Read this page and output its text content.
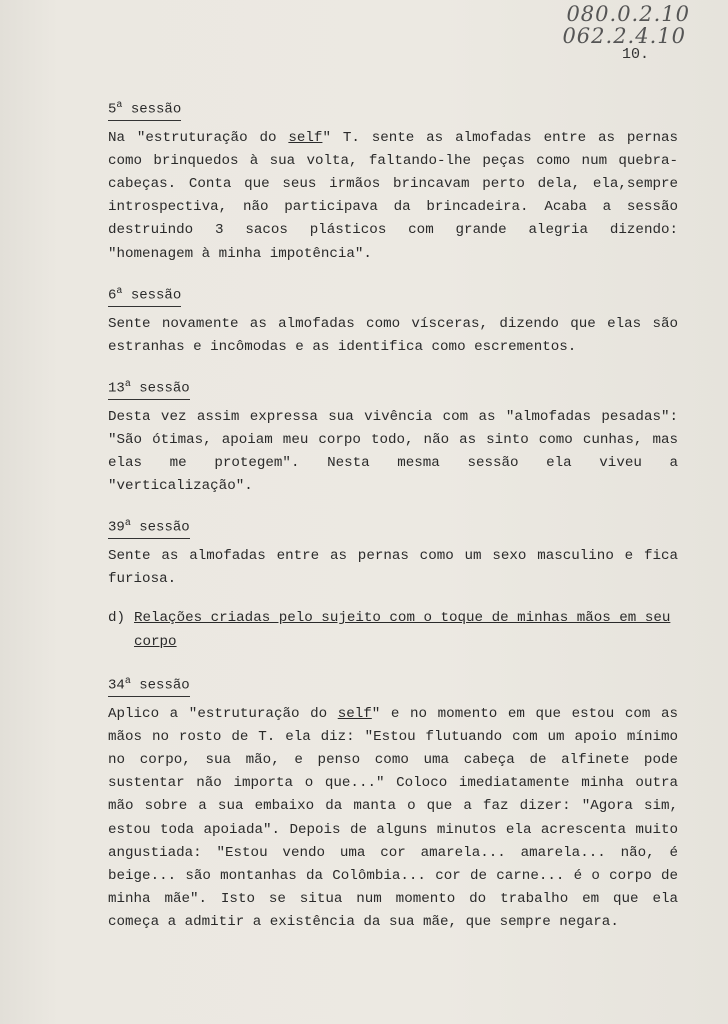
080.0.2.10
062.2.4.10
10.
5$^a$ sessão

Na "estruturação do self" T. sente as almofadas entre as pernas como brinquedos à sua volta, faltando-lhe peças como num quebra-cabeças. Conta que seus irmãos brincavam perto dela, ela,sempre introspectiva, não participava da brincadeira. Acaba a sessão destruindo 3 sacos plásticos com grande alegria dizendo: "homenagem à minha impotência".

6$^a$ sessão

Sente novamente as almofadas como vísceras, dizendo que elas são estranhas e incômodas e as identifica como escrementos.

13$^a$ sessão

Desta vez assim expressa sua vivência com as "almofadas pesadas": "São ótimas, apoiam meu corpo todo, não as sinto como cunhas, mas elas me protegem". Nesta mesma sessão ela viveu a "verticalização".

39$^a$ sessão

Sente as almofadas entre as pernas como um sexo masculino e fica furiosa.

d) Relações criadas pelo sujeito com o toque de minhas mãos em seu corpo
34$^a$ sessão

Aplico a "estruturação do self" e no momento em que estou com as mãos no rosto de T. ela diz: "Estou flutuando com um apoio mínimo no corpo, sua mão, e penso como uma cabeça de alfinete pode sustentar não importa o que..." Coloco imediatamente minha outra mão sobre a sua embaixo da manta o que a faz dizer: "Agora sim, estou toda apoiada". Depois de alguns minutos ela acrescenta muito angustiada: "Estou vendo uma cor amarela... amarela... não, é beige... são montanhas da Colômbia... cor de carne... é o corpo de minha mãe". Isto se situa num momento do trabalho em que ela começa a admitir a existência da sua mãe, que sempre negara.
